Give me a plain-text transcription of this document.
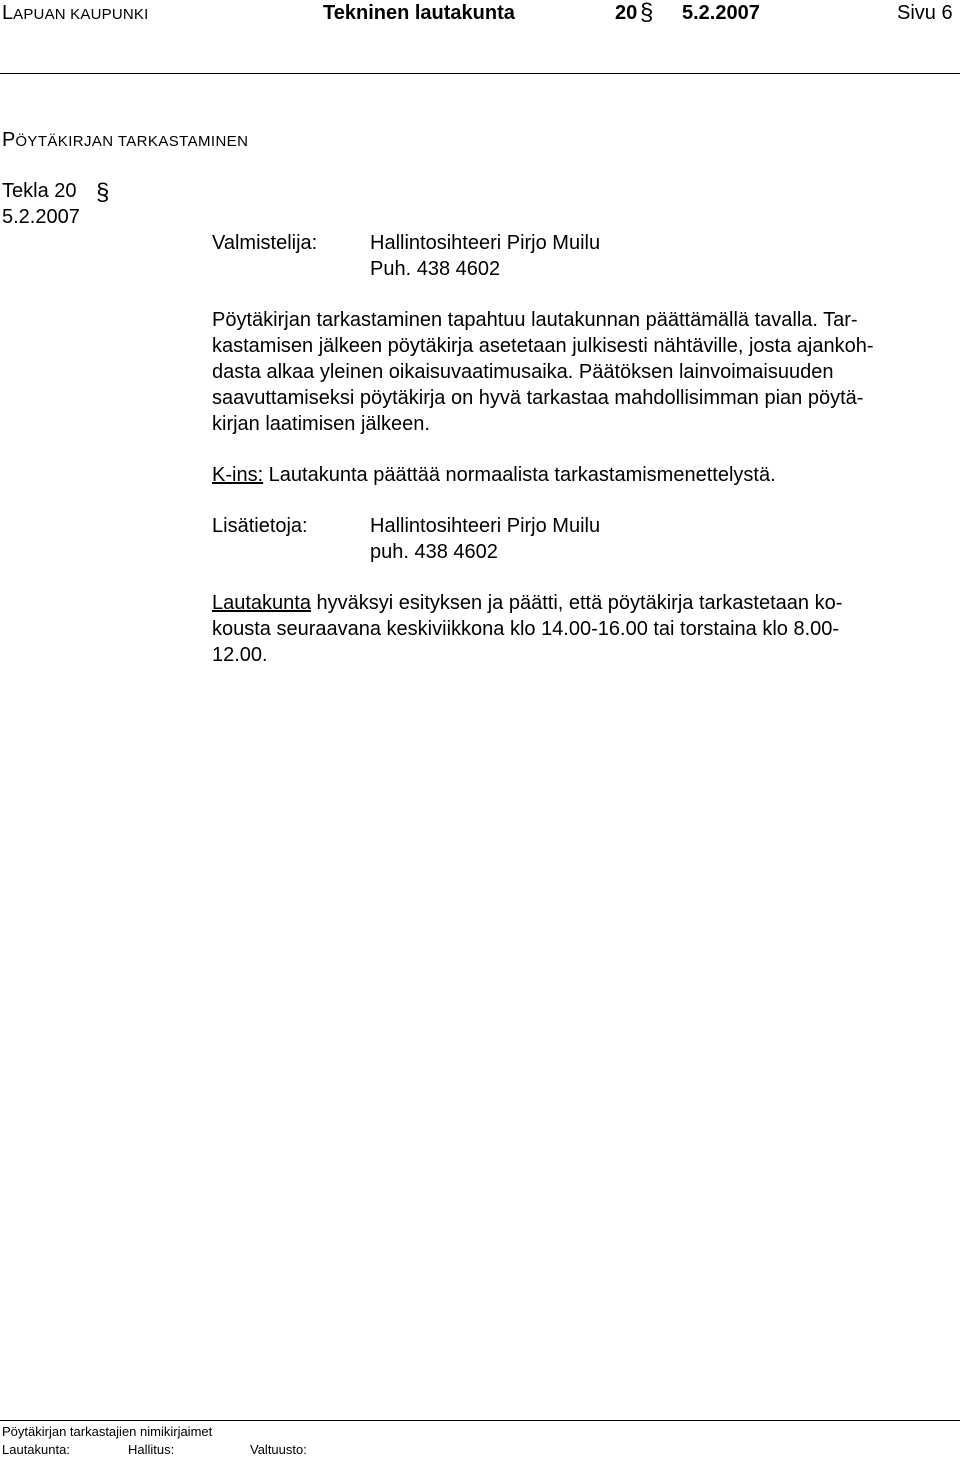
LAPUAN KAUPUNKI	Tekninen lautakunta	20 § 5.2.2007	Sivu 6
PÖYTÄKIRJAN TARKASTAMINEN
Tekla 20 §
5.2.2007
Valmistelija:	Hallintosihteeri Pirjo Muilu
Puh. 438 4602
Pöytäkirjan tarkastaminen tapahtuu lautakunnan päättämällä tavalla. Tar-
kastamisen jälkeen pöytäkirja asetetaan julkisesti nähtäville, josta ajankoh-
dasta alkaa yleinen oikaisuvaatimusaika. Päätöksen lainvoimaisuuden
saavuttamiseksi pöytäkirja on hyvä tarkastaa mahdollisimman pian pöytä-
kirjan laatimisen jälkeen.
K-ins: Lautakunta päättää normaalista tarkastamismenettelystä.
Lisätietoja:	Hallintosihteeri Pirjo Muilu
puh. 438 4602
Lautakunta hyväksyi esityksen ja päätti, että pöytäkirja tarkastetaan ko-
kousta seuraavana keskiviikkona klo 14.00-16.00 tai torstaina klo 8.00-
12.00.
Pöytäkirjan tarkastajien nimikirjaimet
Lautakunta:	Hallitus:	Valtuusto:
